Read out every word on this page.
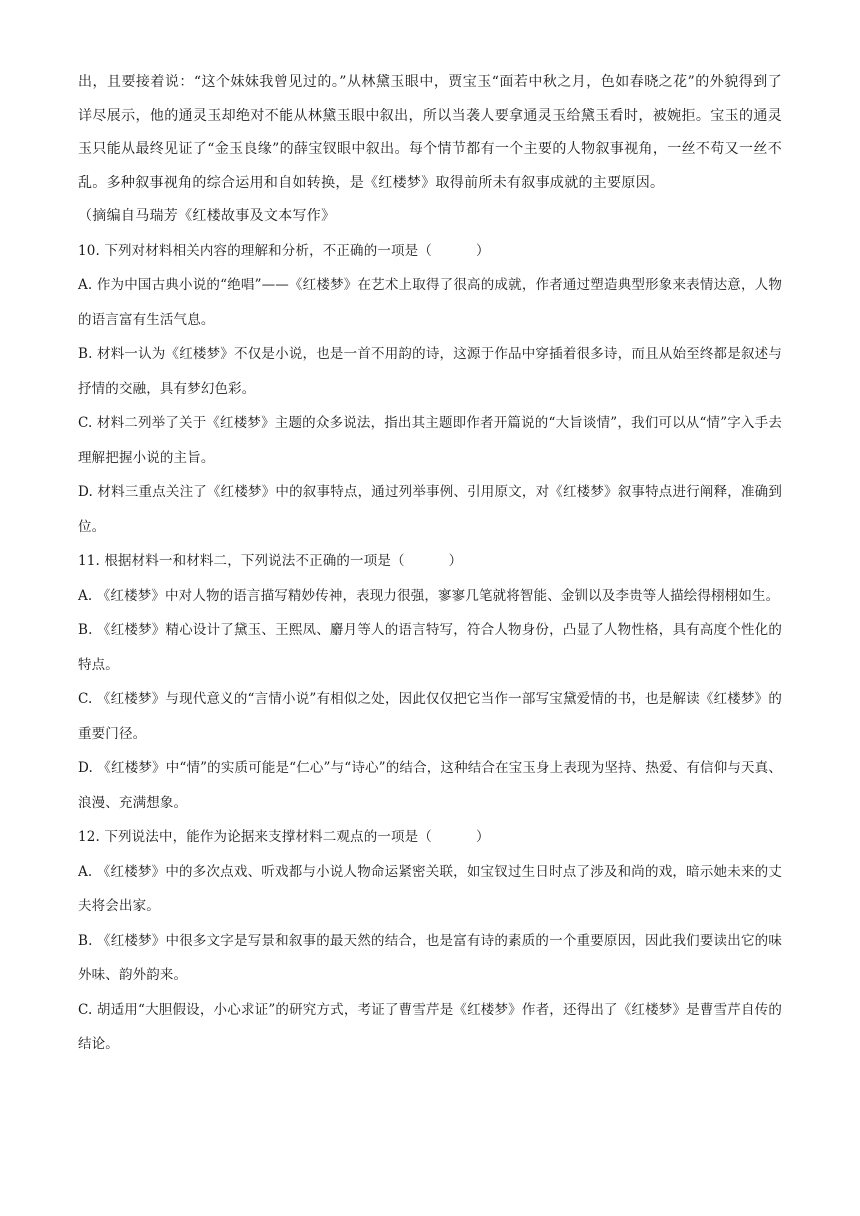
出，且要接着说：“这个妹妹我曾见过的。”从林黛玉眼中，贾宝玉“面若中秋之月，色如春晓之花”的外貌得到了详尽展示，他的通灵玉却绝对不能从林黛玉眼中叙出，所以当袭人要拿通灵玉给黛玉看时，被婉拒。宝玉的通灵玉只能从最终见证了“金玉良缘”的薛宝钗眼中叙出。每个情节都有一个主要的人物叙事视角，一丝不苟又一丝不乱。多种叙事视角的综合运用和自如转换，是《红楼梦》取得前所未有叙事成就的主要原因。

（摘编自马瑞芳《红楼故事及文本写作》

10. 下列对材料相关内容的理解和分析，不正确的一项是（	）

A. 作为中国古典小说的“绝唱”——《红楼梦》在艺术上取得了很高的成就，作者通过塑造典型形象来表情达意，人物的语言富有生活气息。

B. 材料一认为《红楼梦》不仅是小说，也是一首不用韵的诗，这源于作品中穿插着很多诗，而且从始至终都是叙述与抒情的交融，具有梦幻色彩。

C. 材料二列举了关于《红楼梦》主题的众多说法，指出其主题即作者开篇说的“大旨谈情”，我们可以从“情”字入手去理解把握小说的主旨。

D. 材料三重点关注了《红楼梦》中的叙事特点，通过列举事例、引用原文，对《红楼梦》叙事特点进行阐释，准确到位。

11. 根据材料一和材料二，下列说法不正确的一项是（	）

A. 《红楼梦》中对人物的语言描写精妙传神，表现力很强，寥寥几笔就将智能、金钏以及李贵等人描绘得栩栩如生。

B. 《红楼梦》精心设计了黛玉、王熙凤、麝月等人的语言特写，符合人物身份，凸显了人物性格，具有高度个性化的特点。

C. 《红楼梦》与现代意义的“言情小说”有相似之处，因此仅仅把它当作一部写宝黛爱情的书，也是解读《红楼梦》的重要门径。

D. 《红楼梦》中“情”的实质可能是“仁心”与“诗心”的结合，这种结合在宝玉身上表现为坚持、热爱、有信仰与天真、浪漫、充满想象。

12. 下列说法中，能作为论据来支撑材料二观点的一项是（	）

A. 《红楼梦》中的多次点戏、听戏都与小说人物命运紧密关联，如宝钗过生日时点了涉及和尚的戏，暗示她未来的丈夫将会出家。

B. 《红楼梦》中很多文字是写景和叙事的最天然的结合，也是富有诗的素质的一个重要原因，因此我们要读出它的味外味、韵外韵来。

C. 胡适用“大胆假设，小心求证”的研究方式，考证了曹雪芹是《红楼梦》作者，还得出了《红楼梦》是曹雪芹自传的结论。
